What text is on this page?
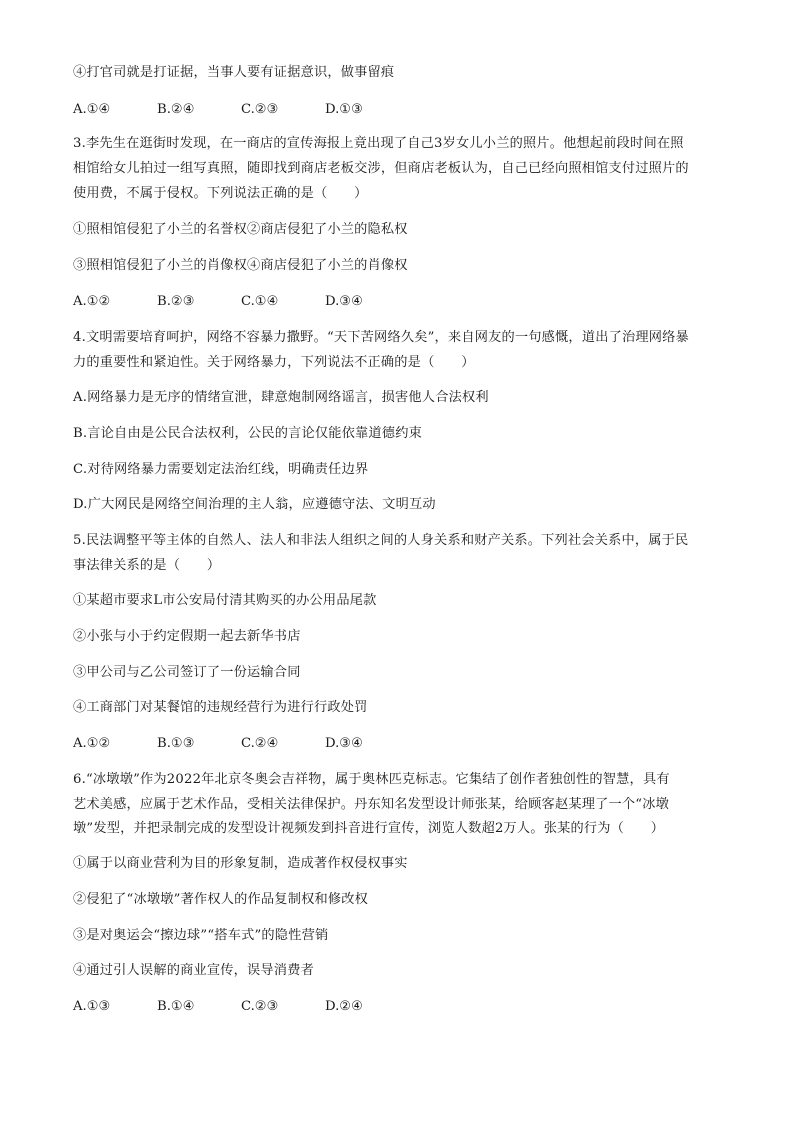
④打官司就是打证据，当事人要有证据意识，做事留痕
A.①④	B.②④	C.②③	D.①③
3.李先生在逛街时发现，在一商店的宣传海报上竟出现了自己3岁女儿小兰的照片。他想起前段时间在照
相馆给女儿拍过一组写真照，随即找到商店老板交涉，但商店老板认为，自己已经向照相馆支付过照片的
使用费，不属于侵权。下列说法正确的是（　　）
①照相馆侵犯了小兰的名誉权②商店侵犯了小兰的隐私权
③照相馆侵犯了小兰的肖像权④商店侵犯了小兰的肖像权
A.①②	B.②③	C.①④	D.③④
4.文明需要培育呵护，网络不容暴力撒野。“天下苦网络久矣”，来自网友的一句感慨，道出了治理网络暴
力的重要性和紧迫性。关于网络暴力，下列说法不正确的是（　　）
A.网络暴力是无序的情绪宣泄，肆意炮制网络谣言，损害他人合法权利
B.言论自由是公民合法权利，公民的言论仅能依靠道德约束
C.对待网络暴力需要划定法治红线，明确责任边界
D.广大网民是网络空间治理的主人翁，应遵德守法、文明互动
5.民法调整平等主体的自然人、法人和非法人组织之间的人身关系和财产关系。下列社会关系中，属于民
事法律关系的是（　　）
①某超市要求L市公安局付清其购买的办公用品尾款
②小张与小于约定假期一起去新华书店
③甲公司与乙公司签订了一份运输合同
④工商部门对某餐馆的违规经营行为进行行政处罚
A.①②	B.①③	C.②④	D.③④
6.“冰墩墩”作为2022年北京冬奥会吉祥物，属于奥林匹克标志。它集结了创作者独创性的智慧，具有
艺术美感，应属于艺术作品，受相关法律保护。丹东知名发型设计师张某，给顾客赵某理了一个“冰墩
墩”发型，并把录制完成的发型设计视频发到抖音进行宣传，浏览人数超2万人。张某的行为（　　）
①属于以商业营利为目的形象复制，造成著作权侵权事实
②侵犯了“冰墩墩”著作权人的作品复制权和修改权
③是对奥运会“擦边球”“搭车式”的隐性营销
④通过引人误解的商业宣传，误导消费者
A.①③	B.①④	C.②③	D.②④
